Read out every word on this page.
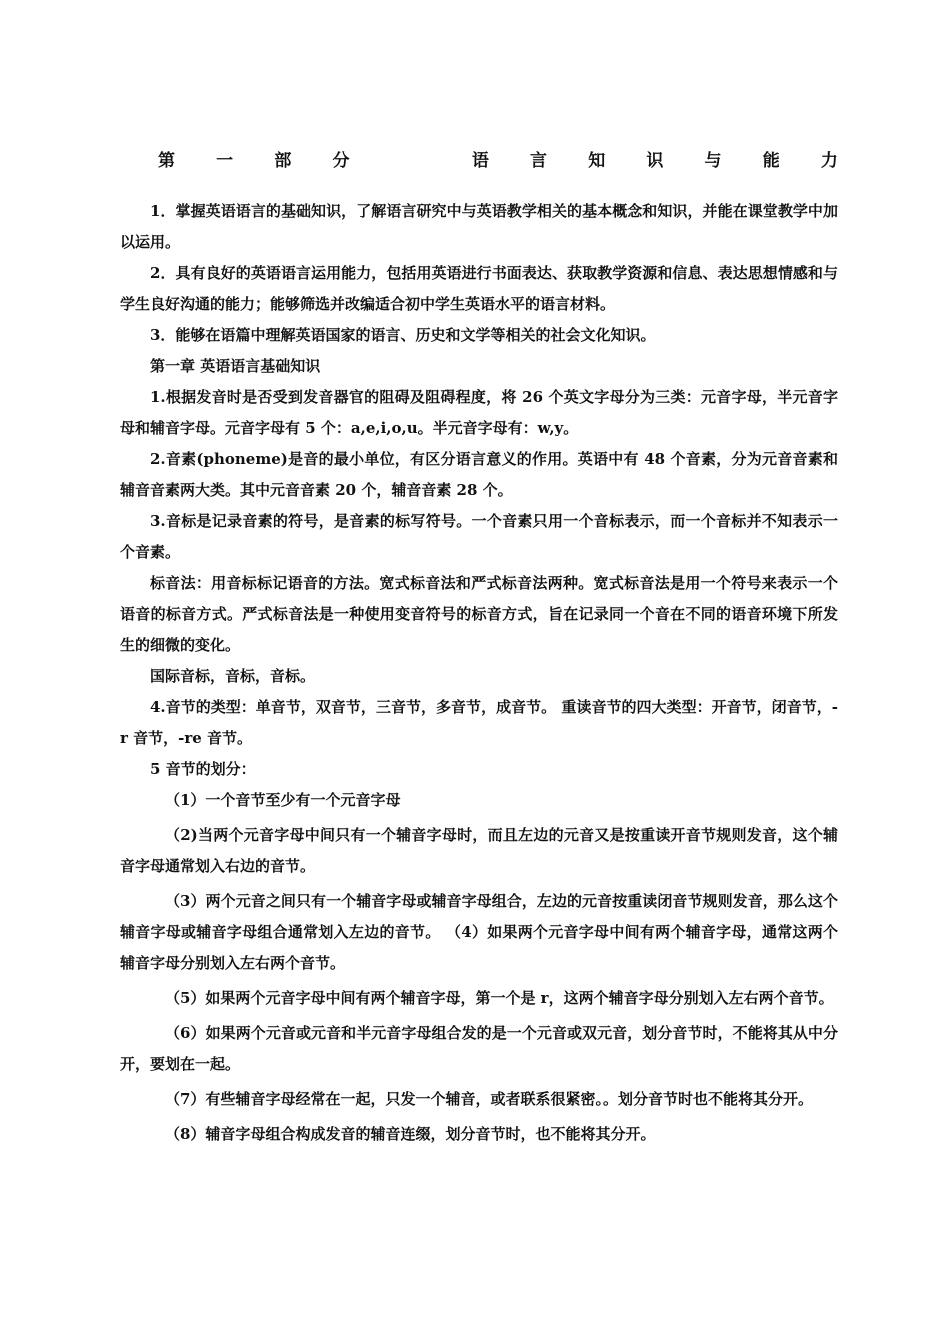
第 一 部 分	语 言 知 识 与 能 力

1．掌握英语语言的基础知识，了解语言研究中与英语教学相关的基本概念和知识，并能在课堂教学中加以运用。

2．具有良好的英语语言运用能力，包括用英语进行书面表达、获取教学资源和信息、表达思想情感和与学生良好沟通的能力；能够筛选并改编适合初中学生英语水平的语言材料。

3．能够在语篇中理解英语国家的语言、历史和文学等相关的社会文化知识。

第一章 英语语言基础知识

1.根据发音时是否受到发音器官的阻碍及阻碍程度，将 26 个英文字母分为三类：元音字母，半元音字母和辅音字母。元音字母有 5 个：a,e,i,o,u。半元音字母有：w,y。

2.音素(phoneme)是音的最小单位，有区分语言意义的作用。英语中有 48 个音素，分为元音音素和辅音音素两大类。其中元音音素 20 个，辅音音素 28 个。

3.音标是记录音素的符号，是音素的标写符号。一个音素只用一个音标表示，而一个音标并不知表示一个音素。

标音法：用音标标记语音的方法。宽式标音法和严式标音法两种。宽式标音法是用一个符号来表示一个语音的标音方式。严式标音法是一种使用变音符号的标音方式，旨在记录同一个音在不同的语音环境下所发生的细微的变化。

国际音标，音标，音标。

4.音节的类型：单音节，双音节，三音节，多音节，成音节。 重读音节的四大类型：开音节，闭音节，-r 音节，-re 音节。

5 音节的划分：

（1）一个音节至少有一个元音字母

（2)当两个元音字母中间只有一个辅音字母时，而且左边的元音又是按重读开音节规则发音，这个辅音字母通常划入右边的音节。

（3）两个元音之间只有一个辅音字母或辅音字母组合，左边的元音按重读闭音节规则发音，那么这个辅音字母或辅音字母组合通常划入左边的音节。 （4）如果两个元音字母中间有两个辅音字母，通常这两个辅音字母分别划入左右两个音节。

（5）如果两个元音字母中间有两个辅音字母，第一个是 r，这两个辅音字母分别划入左右两个音节。

（6）如果两个元音或元音和半元音字母组合发的是一个元音或双元音，划分音节时，不能将其从中分开，要划在一起。

（7）有些辅音字母经常在一起，只发一个辅音，或者联系很紧密。。划分音节时也不能将其分开。

（8）辅音字母组合构成发音的辅音连缀，划分音节时，也不能将其分开。
